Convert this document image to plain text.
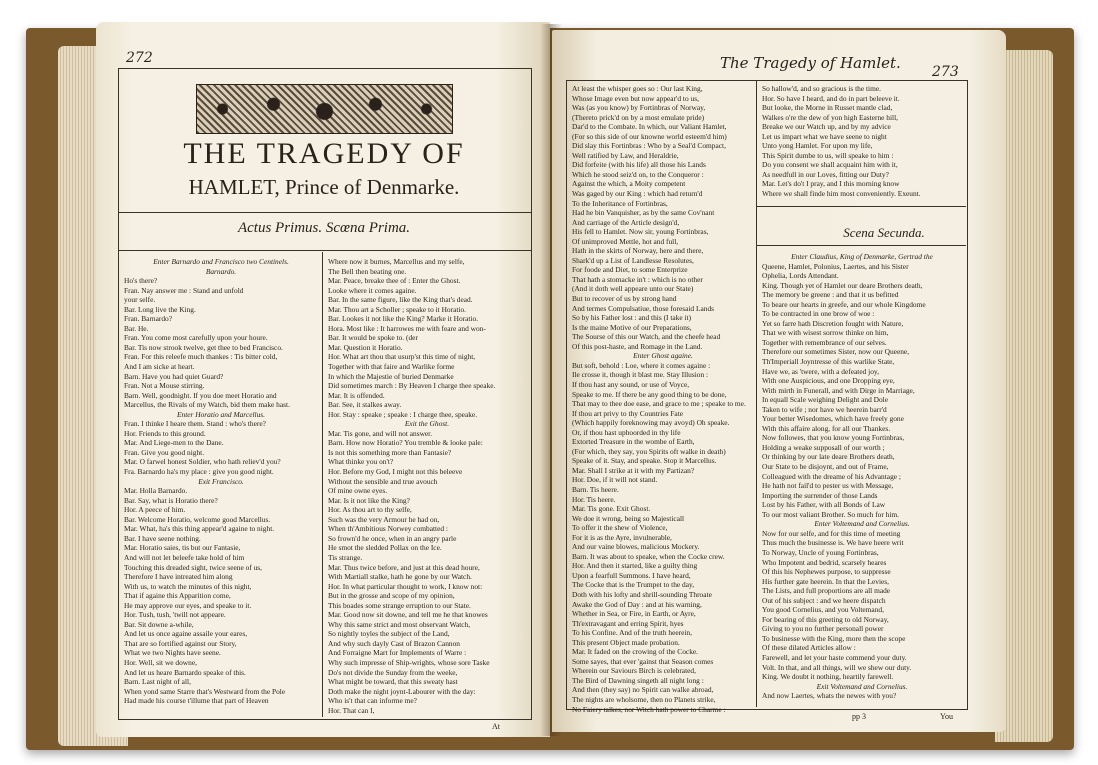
272
THE TRAGEDY OF
HAMLET, Prince of Denmarke.
Actus Primus. Scœna Prima.
Enter Barnardo and Francisco two Centinels.
Barnardo.
Ho's there?
Fran. Nay answer me : Stand and unfold
your selfe.
Bar. Long live the King.
Fran. Barnardo?
Bar. He.
Fran. You come most carefully upon your houre.
Bar. Tis now strook twelve, get thee to bed Francisco.
Fran. For this releefe much thankes : Tis bitter cold,
And I am sicke at heart.
Barn. Have you had quiet Guard?
Fran. Not a Mouse stirring.
Barn. Well, goodnight. If you doe meet Horatio and
Marcellus, the Rivals of my Watch, bid them make hast.
Enter Horatio and Marcellus.
Fran. I thinke I heare them. Stand : who's there?
Hor. Friends to this ground.
Mar. And Liege-men to the Dane.
Fran. Give you good night.
Mar. O farwel honest Soldier, who hath reliev'd you?
Fra. Barnardo ha's my place : give you good night.
Exit Francisco.
Mar. Holla Barnardo.
Bar. Say, what is Horatio there?
Hor. A peece of him.
Bar. Welcome Horatio, welcome good Marcellus.
Mar. What, ha's this thing appear'd againe to night.
Bar. I have seene nothing.
Mar. Horatio saies, tis but our Fantasie,
And will not let beleefe take hold of him
Touching this dreaded sight, twice seene of us,
Therefore I have intreated him along
With us, to watch the minutes of this night,
That if againe this Apparition come,
He may approve our eyes, and speake to it.
Hor. Tush, tush, 'twill not appeare.
Bar. Sit downe a-while,
And let us once againe assaile your eares,
That are so fortified against our Story,
What we two Nights have seene.
Hor. Well, sit we downe,
And let us heare Barnardo speake of this.
Barn. Last night of all,
When yond same Starre that's Westward from the Pole
Had made his course t'illume that part of Heaven
Where now it burnes, Marcellus and my selfe,
The Bell then beating one.
Mar. Peace, breake thee of : Enter the Ghost.
Looke where it comes againe.
Bar. In the same figure, like the King that's dead.
Mar. Thou art a Scholler ; speake to it Horatio.
Bar. Lookes it not like the King? Marke it Horatio.
Hora. Most like : It harrowes me with feare and won-
Bar. It would be spoke to. (der
Mar. Question it Horatio.
Hor. What art thou that usurp'st this time of night,
Together with that faire and Warlike forme
In which the Majestie of buried Denmarke
Did sometimes march : By Heaven I charge thee speake.
Mar. It is offended.
Bar. See, it stalkes away.
Hor. Stay : speake ; speake : I charge thee, speake.
Exit the Ghost.
Mar. Tis gone, and will not answer.
Barn. How now Horatio? You tremble & looke pale:
Is not this something more than Fantasie?
What thinke you on't?
Hor. Before my God, I might not this beleeve
Without the sensible and true avouch
Of mine owne eyes.
Mar. Is it not like the King?
Hor. As thou art to thy selfe,
Such was the very Armour he had on,
When th'Ambitious Norwey combatted :
So frown'd he once, when in an angry parle
He smot the sledded Pollax on the Ice.
Tis strange.
Mar. Thus twice before, and just at this dead houre,
With Martiall stalke, hath he gone by our Watch.
Hor. In what particular thought to work, I know not:
But in the grosse and scope of my opinion,
This boades some strange erruption to our State.
Mar. Good now sit downe, and tell me he that knowes
Why this same strict and most observant Watch,
So nightly toyles the subject of the Land,
And why such dayly Cast of Brazon Cannon
And Forraigne Mart for Implements of Warre :
Why such impresse of Ship-wrights, whose sore Taske
Do's not divide the Sunday from the weeke,
What might be toward, that this sweaty hast
Doth make the night joynt-Labourer with the day:
Who is't that can informe me?
Hor. That can I,
At
The Tragedy of Hamlet. 273
At least the whisper goes so : Our last King,
Whose Image even but now appear'd to us,
Was (as you know) by Fortinbras of Norway,
(Thereto prick'd on by a most emulate pride)
Dar'd to the Combate. In which, our Valiant Hamlet,
(For so this side of our knowne world esteem'd him)
Did slay this Fortinbras : Who by a Seal'd Compact,
Well ratified by Law, and Heraldrie,
Did forfeite (with his life) all those his Lands
Which he stood seiz'd on, to the Conqueror :
Against the which, a Moity competent
Was gaged by our King : which had return'd
To the Inheritance of Fortinbras,
Had he bin Vanquisher, as by the same Cov'nant
And carriage of the Article design'd,
His fell to Hamlet. Now sir, young Fortinbras,
Of unimproved Mettle, hot and full,
Hath in the skirts of Norway, here and there,
Shark'd up a List of Landlesse Resolutes,
For foode and Diet, to some Enterprize
That hath a stomacke in't : which is no other
(And it doth well appeare unto our State)
But to recover of us by strong hand
And termes Compulsatiue, those foresaid Lands
So by his Father lost : and this (I take it)
Is the maine Motive of our Preparations,
The Sourse of this our Watch, and the cheefe head
Of this post-haste, and Romage in the Land.
Enter Ghost againe.
But soft, behold : Loe, where it comes againe :
Ile crosse it, though it blast me. Stay Illusion :
If thou hast any sound, or use of Voyce,
Speake to me. If there be any good thing to be done,
That may to thee doe ease, and grace to me ; speake to me.
If thou art privy to thy Countries Fate
(Which happily foreknowing may avoyd) Oh speake.
Or, if thou hast uphoorded in thy life
Extorted Treasure in the wombe of Earth,
(For which, they say, you Spirits oft walke in death)
Speake of it. Stay, and speake. Stop it Marcellus.
Mar. Shall I strike at it with my Partizan?
Hor. Doe, if it will not stand.
Barn. Tis heere.
Hor. Tis heere.
Mar. Tis gone. Exit Ghost.
We doe it wrong, being so Majesticall
To offer it the shew of Violence,
For it is as the Ayre, invulnerable,
And our vaine blowes, malicious Mockery.
Barn. It was about to speake, when the Cocke crew.
Hor. And then it started, like a guilty thing
Upon a fearfull Summons. I have heard,
The Cocke that is the Trumpet to the day,
Doth with his lofty and shrill-sounding Throate
Awake the God of Day : and at his warning,
Whether in Sea, or Fire, in Earth, or Ayre,
Th'extravagant and erring Spirit, hyes
To his Confine. And of the truth heerein,
This present Object made probation.
Mar. It faded on the crowing of the Cocke.
Some sayes, that ever 'gainst that Season comes
Wherein our Saviours Birch is celebrated,
The Bird of Dawning singeth all night long :
And then (they say) no Spirit can walke abroad,
The nights are wholsome, then no Planets strike,
No Faiery talkes, nor Witch hath power to Charme :
So hallow'd, and so gracious is the time.
Hor. So have I heard, and do in part beleeve it.
But looke, the Morne in Russet mantle clad,
Walkes o're the dew of yon high Easterne hill,
Breake we our Watch up, and by my advice
Let us impart what we have seene to night
Unto yong Hamlet. For upon my life,
This Spirit dumbe to us, will speake to him :
Do you consent we shall acquaint him with it,
As needfull in our Loves, fitting our Duty?
Mar. Let's do't I pray, and I this morning know
Where we shall finde him most conveniently. Exeunt.
Scena Secunda.
Enter Claudius, King of Denmarke, Gertrad the
Queene, Hamlet, Polonius, Laertes, and his Sister
Ophelia, Lords Attendant.
King. Though yet of Hamlet our deare Brothers death,
The memory be greene : and that it us befitted
To beare our hearts in greefe, and our whole Kingdome
To be contracted in one brow of woe :
Yet so farre hath Discretion fought with Nature,
That we with wisest sorrow thinke on him,
Together with remembrance of our selves.
Therefore our sometimes Sister, now our Queene,
Th'Imperiall Joyntresse of this warlike State,
Have we, as 'twere, with a defeated joy,
With one Auspicious, and one Dropping eye,
With mirth in Funerall, and with Dirge in Marriage,
In equall Scale weighing Delight and Dole
Taken to wife ; nor have we heerein barr'd
Your better Wisedomes, which have freely gone
With this affaire along, for all our Thankes.
Now followes, that you know young Fortinbras,
Holding a weake supposall of our worth ;
Or thinking by our late deare Brothers death,
Our State to be disjoynt, and out of Frame,
Colleagued with the dreame of his Advantage ;
He hath not fail'd to pester us with Message,
Importing the surrender of those Lands
Lost by his Father, with all Bonds of Law
To our most valiant Brother. So much for him.
Enter Voltemand and Cornelius.
Now for our selfe, and for this time of meeting
Thus much the businesse is. We have heere writ
To Norway, Uncle of young Fortinbras,
Who Impotent and bedrid, scarsely heares
Of this his Nephewes purpose, to suppresse
His further gate heerein. In that the Levies,
The Lists, and full proportions are all made
Out of his subject : and we heere dispatch
You good Cornelius, and you Voltemand,
For bearing of this greeting to old Norway,
Giving to you no further personall power
To businesse with the King, more then the scope
Of these dilated Articles allow :
Farewell, and let your haste commend your duty.
Volt. In that, and all things, will we shew our duty.
King. We doubt it nothing, heartily farewell.
Exit Voltemand and Cornelius.
And now Laertes, whats the newes with you?
pp 3	You
